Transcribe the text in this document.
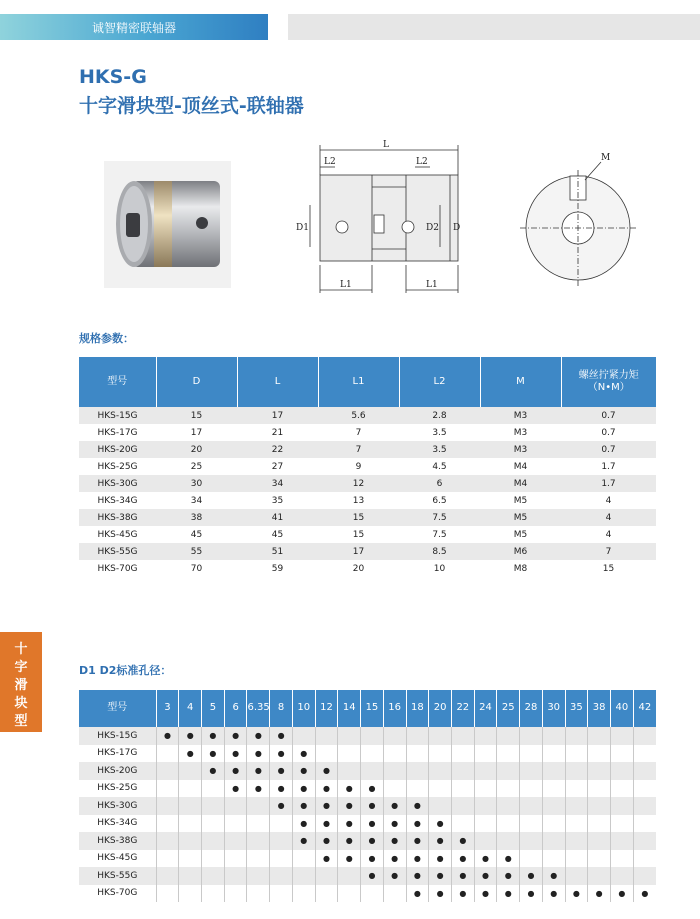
诚智精密联轴器
HKS-G
十字滑块型-顶丝式-联轴器
L
L2	L2
D1	D2 D
L1	L1
M
规格参数：
型号	D	L	L1	L2	M	螺丝拧紧力矩（N•M）
HKS-15G	15	17	5.6	2.8	M3	0.7
HKS-17G	17	21	7	3.5	M3	0.7
HKS-20G	20	22	7	3.5	M3	0.7
HKS-25G	25	27	9	4.5	M4	1.7
HKS-30G	30	34	12	6	M4	1.7
HKS-34G	34	35	13	6.5	M5	4
HKS-38G	38	41	15	7.5	M5	4
HKS-45G	45	45	15	7.5	M5	4
HKS-55G	55	51	17	8.5	M6	7
HKS-70G	70	59	20	10	M8	15
D1 D2标准孔径：
型号	3	4	5	6	6.35	8	10	12	14	15	16	18	20	22	24	25	28	30	35	38	40	42
HKS-15G	●	●	●	●	●	●																
HKS-17G		●	●	●	●	●	●															
HKS-20G			●	●	●	●	●	●														
HKS-25G				●	●	●	●	●	●	●												
HKS-30G						●	●	●	●	●	●	●										
HKS-34G							●	●	●	●	●	●	●									
HKS-38G							●	●	●	●	●	●	●	●								
HKS-45G								●	●	●	●	●	●	●	●	●						
HKS-55G										●	●	●	●	●	●	●	●	●				
HKS-70G												●	●	●	●	●	●	●	●	●	●	●
十
字
滑
块
型
